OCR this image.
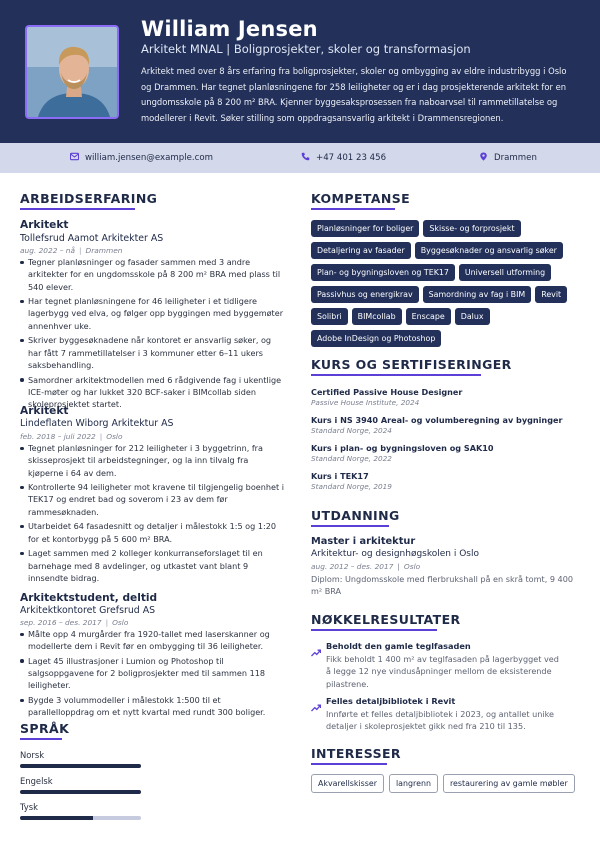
William Jensen
Arkitekt MNAL | Boligprosjekter, skoler og transformasjon
Arkitekt med over 8 års erfaring fra boligprosjekter, skoler og ombygging av eldre industribygg i Oslo og Drammen. Har tegnet planløsningene for 258 leiligheter og er i dag prosjekterende arkitekt for en ungdomsskole på 8 200 m² BRA. Kjenner byggesaksprosessen fra naboarvsel til rammetillatelse og modellerer i Revit. Søker stilling som oppdragsansvarlig arkitekt i Drammensregionen.
william.jensen@example.com	+47 401 23 456	Drammen
ARBEIDSERFARING
Arkitekt
Tollefsrud Aamot Arkitekter AS
aug. 2022 – nå | Drammen
Tegner planløsninger og fasader sammen med 3 andre arkitekter for en ungdomsskole på 8 200 m² BRA med plass til 540 elever.
Har tegnet planløsningene for 46 leiligheter i et tidligere lagerbygg ved elva, og følger opp byggingen med byggemøter annenhver uke.
Skriver byggesøknadene når kontoret er ansvarlig søker, og har fått 7 rammetillatelser i 3 kommuner etter 6–11 ukers saksbehandling.
Samordner arkitektmodellen med 6 rådgivende fag i ukentlige ICE-møter og har lukket 320 BCF-saker i BIMcollab siden skoleprosjektet startet.
Arkitekt
Lindeflaten Wiborg Arkitektur AS
feb. 2018 – juli 2022 | Oslo
Tegnet planløsninger for 212 leiligheter i 3 byggetrinn, fra skisseprosjekt til arbeidstegninger, og la inn tilvalg fra kjøperne i 64 av dem.
Kontrollerte 94 leiligheter mot kravene til tilgjengelig boenhet i TEK17 og endret bad og soverom i 23 av dem før rammesøknaden.
Utarbeidet 64 fasadesnitt og detaljer i målestokk 1:5 og 1:20 for et kontorbygg på 5 600 m² BRA.
Laget sammen med 2 kolleger konkurranseforslaget til en barnehage med 8 avdelinger, og utkastet vant blant 9 innsendte bidrag.
Arkitektstudent, deltid
Arkitektkontoret Grefsrud AS
sep. 2016 – des. 2017 | Oslo
Målte opp 4 murgårder fra 1920-tallet med laserskanner og modellerte dem i Revit før en ombygging til 36 leiligheter.
Laget 45 illustrasjoner i Lumion og Photoshop til salgsoppgavene for 2 boligprosjekter med til sammen 118 leiligheter.
Bygde 3 volummodeller i målestokk 1:500 til et parallelloppdrag om et nytt kvartal med rundt 300 boliger.
SPRÅK
Norsk
Engelsk
Tysk
KOMPETANSE
Planløsninger for boliger	Skisse- og forprosjekt
Detaljering av fasader	Byggesøknader og ansvarlig søker
Plan- og bygningsloven og TEK17	Universell utforming
Passivhus og energikrav	Samordning av fag i BIM	Revit
Solibri	BIMcollab	Enscape	Dalux
Adobe InDesign og Photoshop
KURS OG SERTIFISERINGER
Certified Passive House Designer
Passive House Institute, 2024
Kurs i NS 3940 Areal- og volumberegning av bygninger
Standard Norge, 2024
Kurs i plan- og bygningsloven og SAK10
Standard Norge, 2022
Kurs i TEK17
Standard Norge, 2019
UTDANNING
Master i arkitektur
Arkitektur- og designhøgskolen i Oslo
aug. 2012 – des. 2017 | Oslo
Diplom: Ungdomsskole med flerbrukshall på en skrå tomt, 9 400 m² BRA
NØKKELRESULTATER
Beholdt den gamle teglfasaden
Fikk beholdt 1 400 m² av teglfasaden på lagerbygget ved å legge 12 nye vindusåpninger mellom de eksisterende pilastrene.
Felles detaljbibliotek i Revit
Innførte et felles detaljbibliotek i 2023, og antallet unike detaljer i skoleprosjektet gikk ned fra 210 til 135.
INTERESSER
Akvarellskisser	langrenn	restaurering av gamle møbler
